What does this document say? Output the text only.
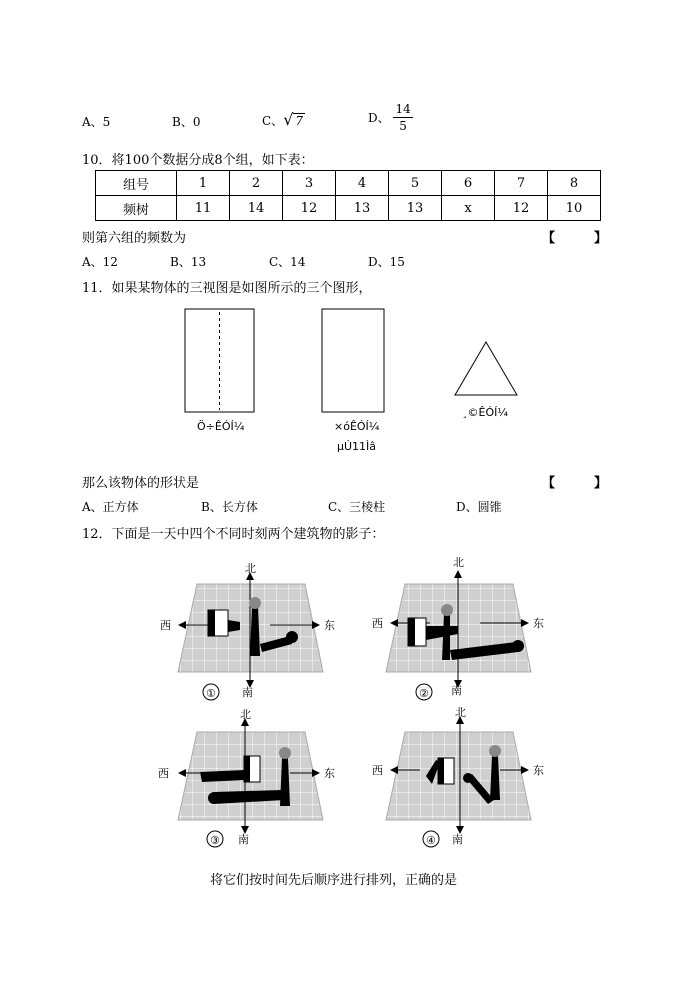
A、5	B、0	C、√ 7	D、 $\frac{14}{5}$
10．将100个数据分成8个组，如下表：
组号	1	2	3	4	5	6	7	8
频树	11	14	12	13	13	x	12	10
则第六组的频数为	【　　　】
A、12	B、13	C、14	D、15
11．如果某物体的三视图是如图所示的三个图形，
Ö÷ÊÓÍ¼	×óÊÓÍ¼
µÚ11Ìâ
¸©ÊÓÍ¼
那么该物体的形状是	【　　　】
A、正方体	B、长方体	C、三棱柱	D、圆锥
12．下面是一天中四个不同时刻两个建筑物的影子：
北
南
东
西
①
北
南
东
西
②
北
南
东
西
③
北
南
东
西
④
将它们按时间先后顺序进行排列，正确的是
